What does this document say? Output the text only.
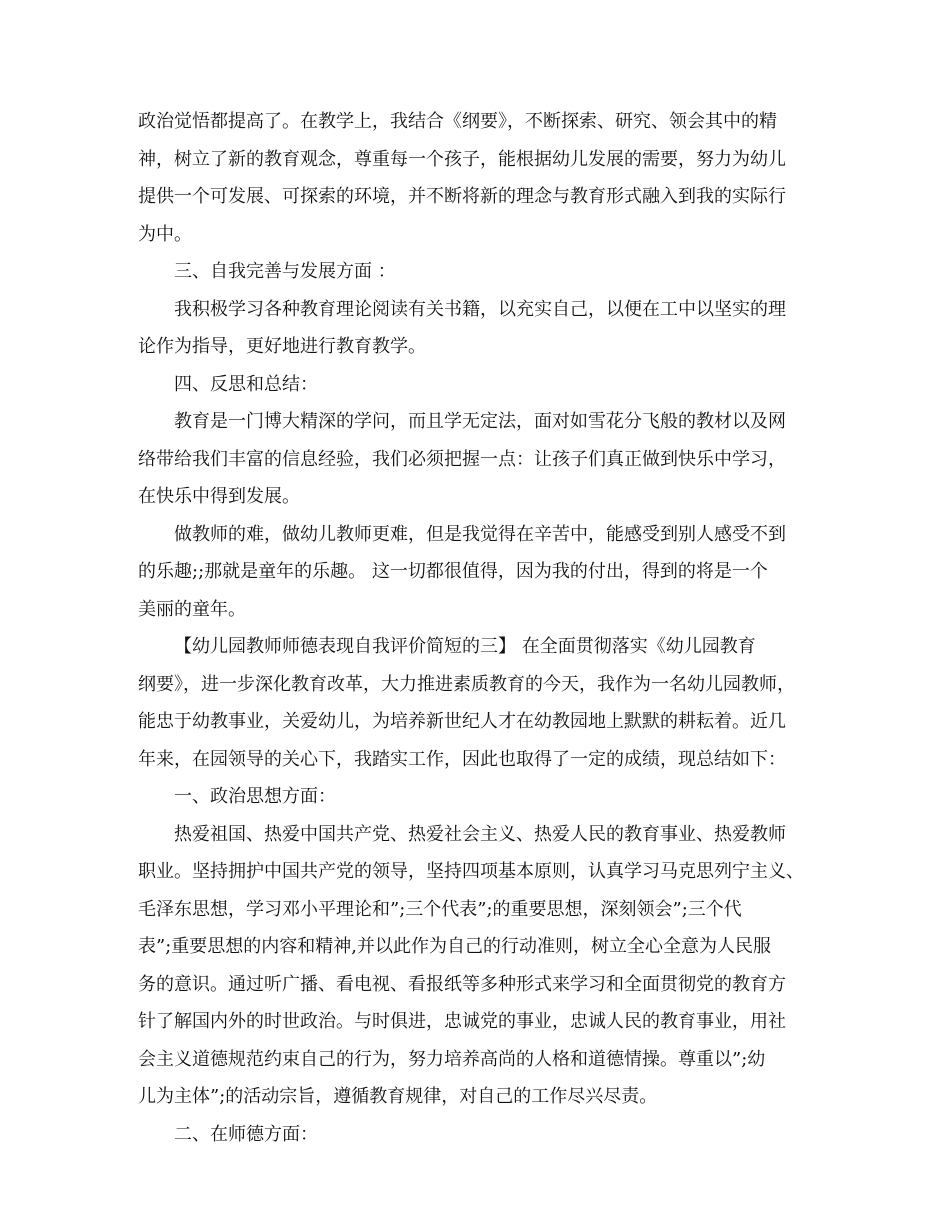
政治觉悟都提高了。在教学上，我结合《纲要》，不断探索、研究、领会其中的精
神，树立了新的教育观念，尊重每一个孩子，能根据幼儿发展的需要，努力为幼儿
提供一个可发展、可探索的环境，并不断将新的理念与教育形式融入到我的实际行
为中。
三、自我完善与发展方面 ：
我积极学习各种教育理论阅读有关书籍，以充实自己，以便在工中以坚实的理
论作为指导，更好地进行教育教学。
四、反思和总结：
教育是一门博大精深的学问，而且学无定法，面对如雪花分飞般的教材以及网
络带给我们丰富的信息经验，我们必须把握一点：让孩子们真正做到快乐中学习，
在快乐中得到发展。
做教师的难，做幼儿教师更难，但是我觉得在辛苦中，能感受到别人感受不到
的乐趣;;那就是童年的乐趣。 这一切都很值得，因为我的付出，得到的将是一个
美丽的童年。
【幼儿园教师师德表现自我评价简短的三】 在全面贯彻落实《幼儿园教育
纲要》，进一步深化教育改革，大力推进素质教育的今天，我作为一名幼儿园教师，
能忠于幼教事业，关爱幼儿，为培养新世纪人才在幼教园地上默默的耕耘着。近几
年来，在园领导的关心下，我踏实工作，因此也取得了一定的成绩，现总结如下：
一、政治思想方面：
热爱祖国、热爱中国共产党、热爱社会主义、热爱人民的教育事业、热爱教师
职业。坚持拥护中国共产党的领导，坚持四项基本原则，认真学习马克思列宁主义、
毛泽东思想，学习邓小平理论和”;三个代表”;的重要思想，深刻领会”;三个代
表”;重要思想的内容和精神,并以此作为自己的行动准则，树立全心全意为人民服
务的意识。通过听广播、看电视、看报纸等多种形式来学习和全面贯彻党的教育方
针了解国内外的时世政治。与时俱进，忠诚党的事业，忠诚人民的教育事业，用社
会主义道德规范约束自己的行为，努力培养高尚的人格和道德情操。尊重以”;幼
儿为主体”;的活动宗旨，遵循教育规律，对自己的工作尽兴尽责。
二、在师德方面：
